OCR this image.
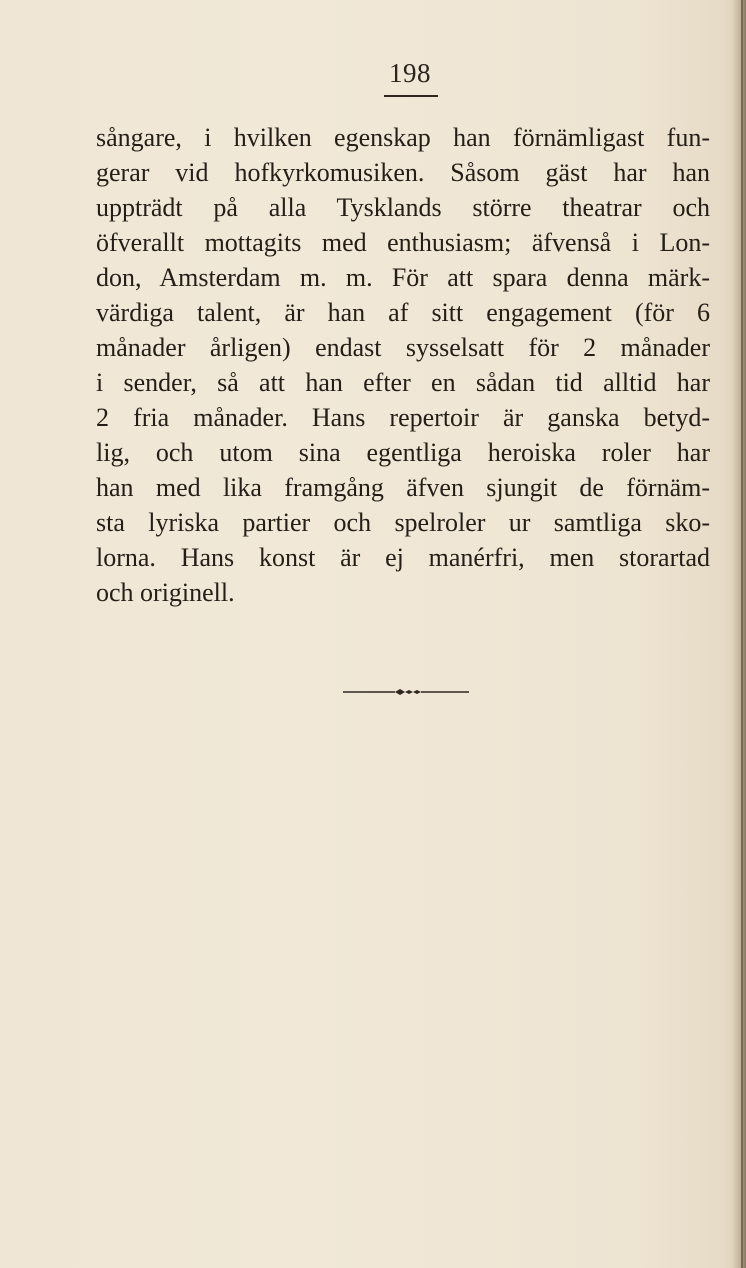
198
sångare, i hvilken egenskap han förnämligast fun-
gerar vid hofkyrkomusiken. Såsom gäst har han
uppträdt på alla Tysklands större theatrar och
öfverallt mottagits med enthusiasm; äfvenså i Lon-
don, Amsterdam m. m. För att spara denna märk-
värdiga talent, är han af sitt engagement (för 6
månader årligen) endast sysselsatt för 2 månader
i sender, så att han efter en sådan tid alltid har
2 fria månader. Hans repertoir är ganska betyd-
lig, och utom sina egentliga heroiska roler har
han med lika framgång äfven sjungit de förnäm-
sta lyriska partier och spelroler ur samtliga sko-
lorna. Hans konst är ej manérfri, men storartad
och originell.
